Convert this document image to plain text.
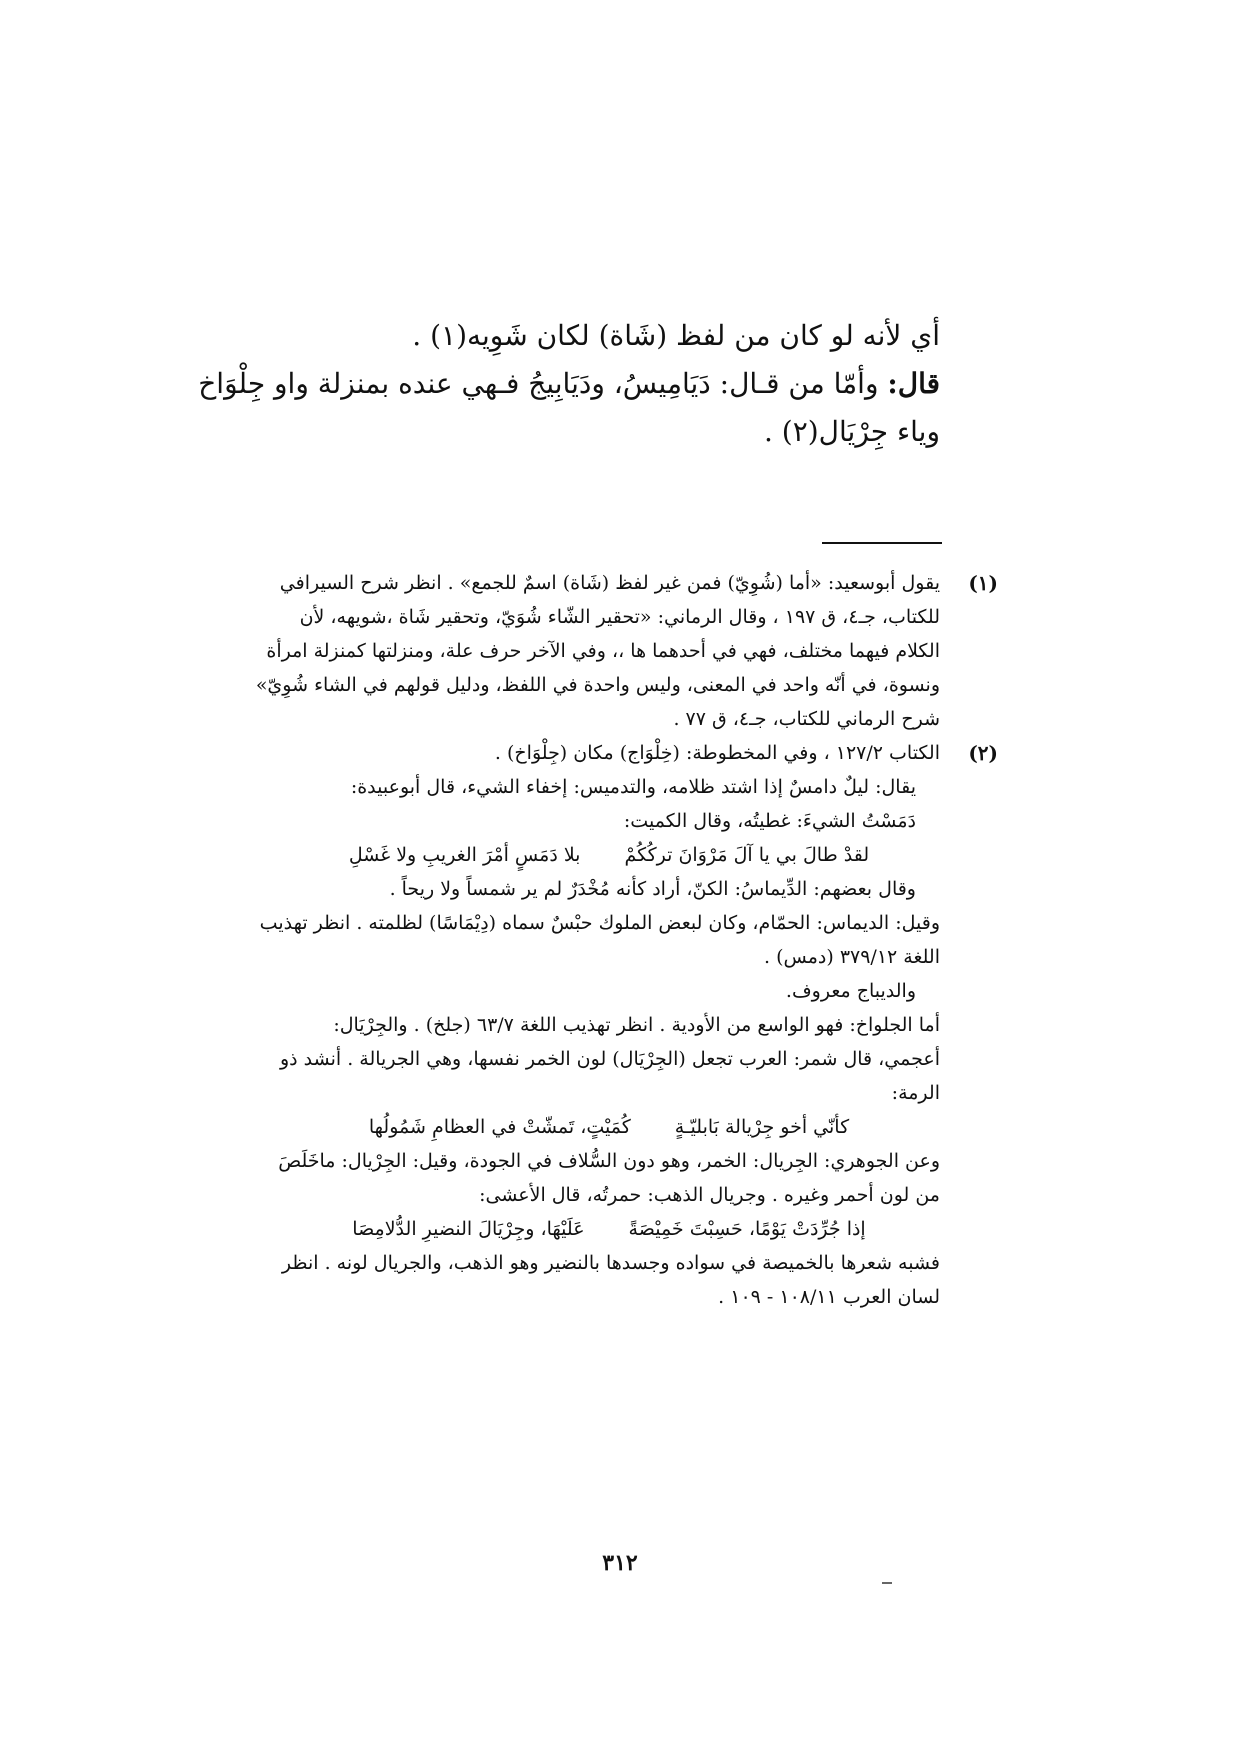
أي لأنه لو كان من لفظ (شَاة) لكان شَوِيه(١) .
قال: وأمّا من قـال: دَيَامِيسُ، ودَيَابِيجُ فـهي عنده بمنزلة واو جِلْوَاخ
وياء جِرْيَال(٢) .
(١)
يقول أبوسعيد: «أما (شُوِيّ) فمن غير لفظ (شَاة) اسمٌ للجمع» . انظر شرح السيرافي
للكتاب، جـ٤، ق ١٩٧ ، وقال الرماني: «تحقير الشّاء شُوَيّ، وتحقير شَاة ،شويهه، لأن
الكلام فيهما مختلف، فهي في أحدهما ها ،، وفي الآخر حرف علة، ومنزلتها كمنزلة امرأة
ونسوة، في أنّه واحد في المعنى، وليس واحدة في اللفظ، ودليل قولهم في الشاء شُوِيّ»
شرح الرماني للكتاب، جـ٤، ق ٧٧ .
(٢)
الكتاب ١٢٧/٢ ، وفي المخطوطة: (خِلْوَاج) مكان (جِلْوَاخ) .
يقال: ليلٌ دامسٌ إذا اشتد ظلامه، والتدميس: إخفاء الشيء، قال أبوعبيدة:
دَمَسْتُ الشيءَ: غطيتُه، وقال الكميت:
لقدْ طالَ بي يا آلَ مَرْوَانَ تركُكُمْ
بلا دَمَسٍ أمْرَ الغريبِ ولا غَسْلِ
وقال بعضهم: الدِّيماسُ: الكنّ، أراد كأنه مُخْدَرٌ لم ير شمساً ولا ريحاً .
وقيل: الديماس: الحمّام، وكان لبعض الملوك حبْسٌ سماه (دِيْمَاسًا) لظلمته . انظر تهذيب
اللغة ٣٧٩/١٢ (دمس) .
والديباج معروف.
أما الجلواخ: فهو الواسع من الأودية . انظر تهذيب اللغة ٦٣/٧ (جلخ) . والجِرْيَال:
أعجمي، قال شمر: العرب تجعل (الجِرْيَال) لون الخمر نفسها، وهي الجريالة . أنشد ذو
الرمة:
كأنّي أخو جِرْيالة بَابليّـةٍ
كُمَيْتٍ، تَمشّتْ في العظامِ شَمُولُها
وعن الجوهري: الجِريال: الخمر، وهو دون السُّلاف في الجودة، وقيل: الجِرْيال: ماخَلَصَ
من لون أحمر وغيره . وجريال الذهب: حمرتُه، قال الأعشى:
إذا جُرِّدَتْ يَوْمًا، حَسِبْتَ خَمِيْصَةً
عَلَيْهَا، وجِرْيَالَ النضيرِ الدُّلامِصَا
فشبه شعرها بالخميصة في سواده وجسدها بالنضير وهو الذهب، والجريال لونه . انظر
لسان العرب ١٠٨/١١ - ١٠٩ .
٣١٢
